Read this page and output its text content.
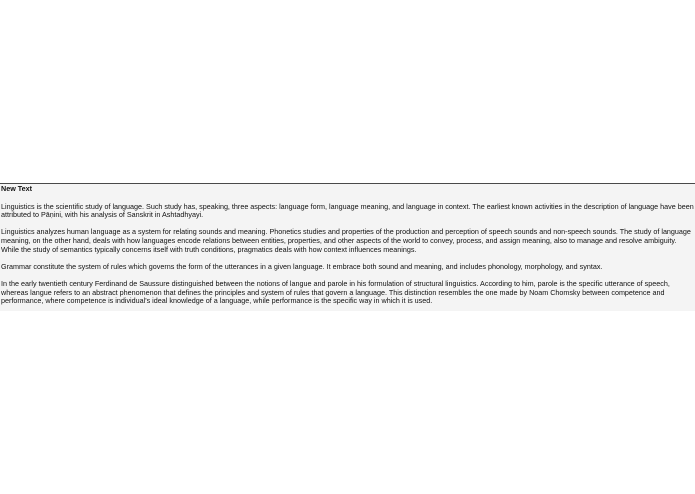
New Text

Linguistics is the scientific study of language. Such study has, speaking, three aspects: language form, language meaning, and language in context. The earliest known activities in the description of language have been attributed to Pāṇini, with his analysis of Sanskrit in Ashtadhyayi.

Linguistics analyzes human language as a system for relating sounds and meaning. Phonetics studies and properties of the production and perception of speech sounds and non-speech sounds. The study of language meaning, on the other hand, deals with how languages encode relations between entities, properties, and other aspects of the world to convey, process, and assign meaning, also to manage and resolve ambiguity. While the study of semantics typically concerns itself with truth conditions, pragmatics deals with how context influences meanings.

Grammar constitute the system of rules which governs the form of the utterances in a given language. It embrace both sound and meaning, and includes phonology, morphology, and syntax.

In the early twentieth century Ferdinand de Saussure distinguished between the notions of langue and parole in his formulation of structural linguistics. According to him, parole is the specific utterance of speech, whereas langue refers to an abstract phenomenon that defines the principles and system of rules that govern a language. This distinction resembles the one made by Noam Chomsky between competence and performance, where competence is individual's ideal knowledge of a language, while performance is the specific way in which it is used.
